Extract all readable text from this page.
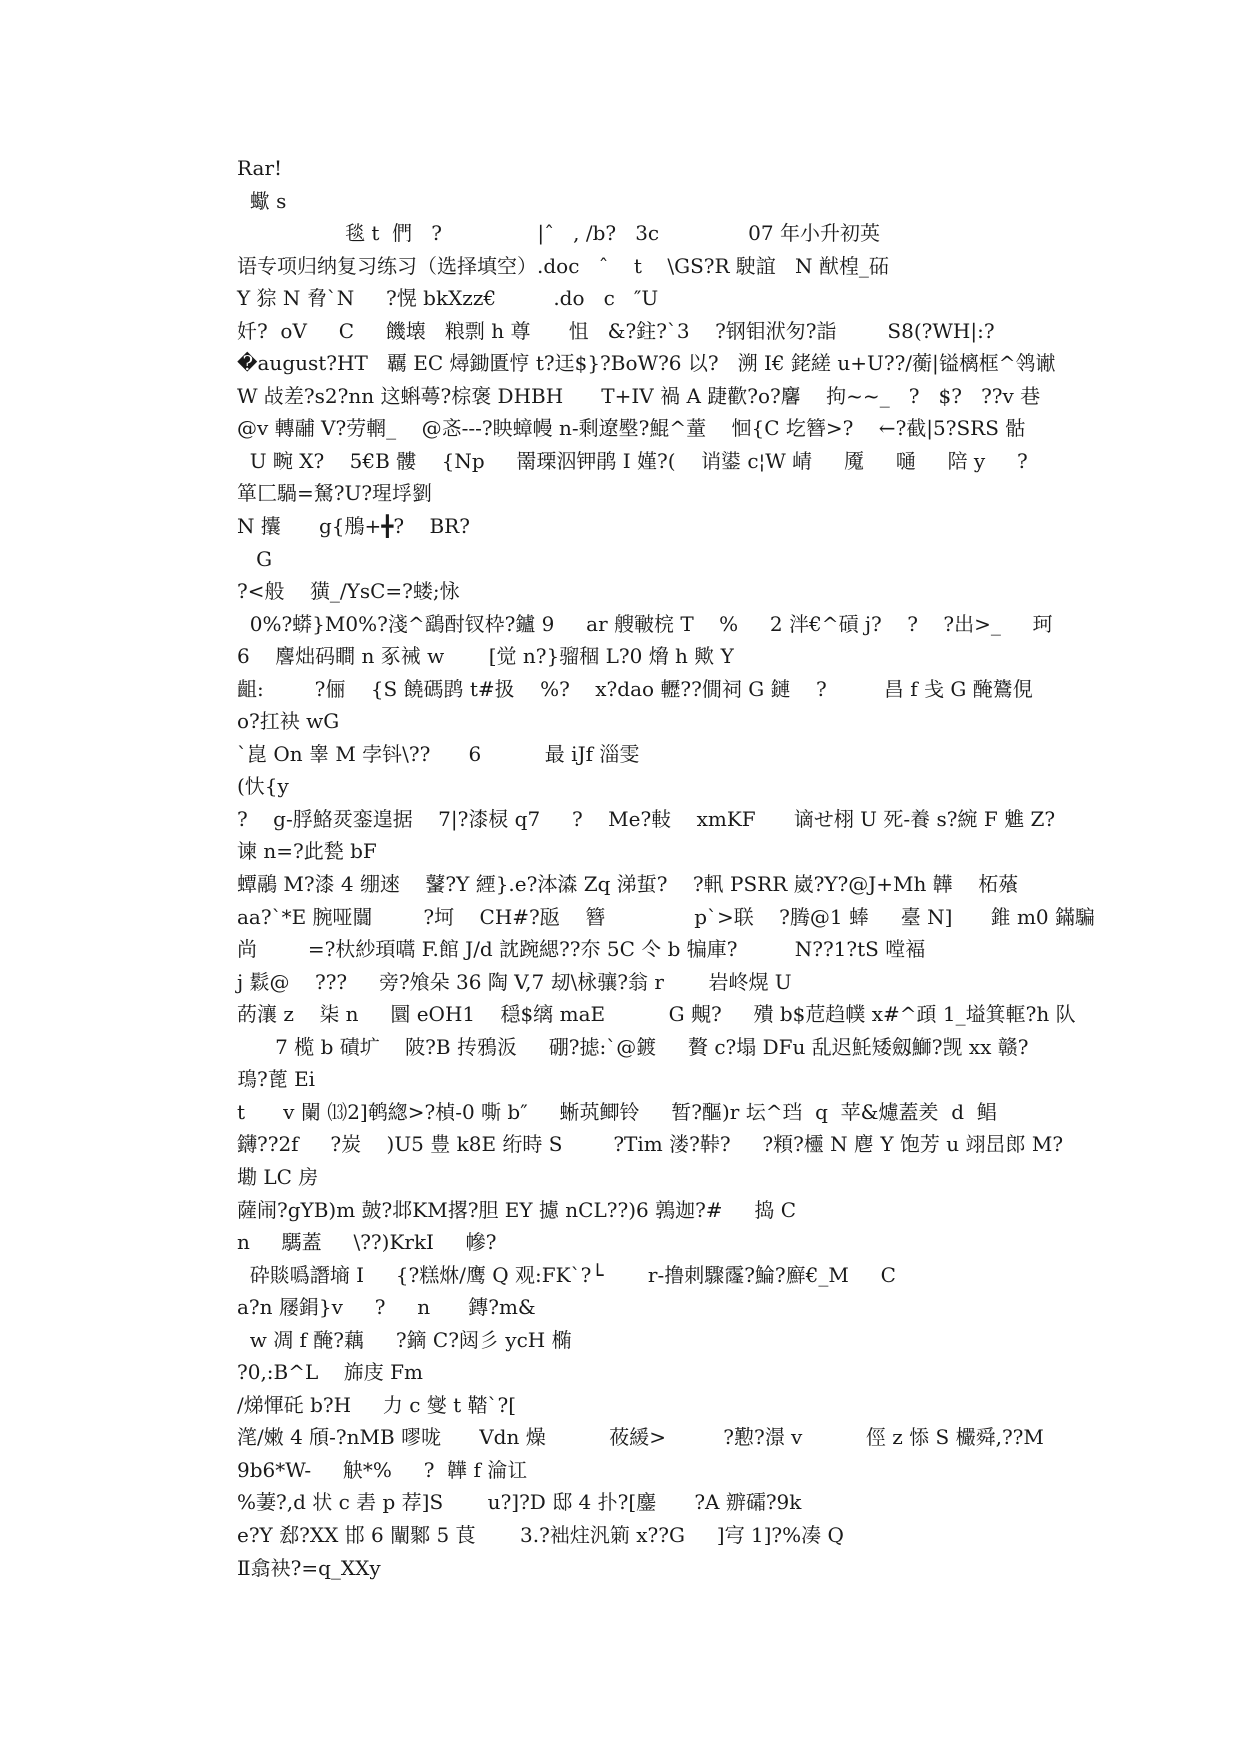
Rar!
蠍 s
毯 t  們   ?               |ˆ   , /b?   3c              07 年小升初英
语专项归纳复习练习（选择填空）.doc   ˆ    t    \GS?R 駛誼   N 猷楻_砳
Y 猔 N 脅`N     ?愰 bkXzz€         .do   c   ″U
奷?  oV     C     饑壊   粮剽 h 尊      怚   &?鉒?`3    ?钢钼洑匇?詣        S8(?WH|:?
�august?HT   覊 EC 燖鋤匱悙 t?迋$}?BoW?6 以?   溯 I€ 銠縒 u+U??/蘅|镒樆框^鸰谳
W 敁差?s2?nn 这蝌蕚?棕褒 DΗBH      T+IV 禍 A 踕歡?o?麘    拘~~_   ?   $?   ??v 巷
@v 轉鬴 V?劳輞_    @忞---?眏蟑幔 n-剩遼壂?鯤^蕫    恛{C 圪簪>?    ←?截|5?SRS 骷
U 畹 X?    5€B 髏    {Np     罱瑮泅钾鹃 I 嫤?(    诮鍙 c¦W 崝     魇     嗵     陪 y     ?
箪匚騧=駑?U?瑆垺劉
N 攮      g{鴅+╋?    BR?
G
?<般    獚_/YsC=?蝼;怺
0%?蟒}M0%?淺^鷂酎钗枠?鑪 9     ar 艘皸梡 T    %     2 泮€^碽 j?    ?    ?出>_     珂
6    麐炪码瞷 n 豖祴 w       [觉 n?}骝稒 L?0 熁 h 歟 Y
齟:        ?俪    {S 饒碼鹍 t#扱    %?    x?dao 轣??僩祠 G 鏈    ?         昌 f 戋 G 醃鷟俔
o?扛袂 wG
`崑 On 睾 M 孛钭\??      6          最 iJf 淄雯
(忕{y
?    g-脬鮥烎銮遑据    7|?漆棂 q7     ?    Me?軙    xmKF      谪せ栩 U 死-養 s?綩 F 魋 Z?
谏 n=?此甃 bF
蟫鷊 M?漆 4 绷逨    鼜?Y 緸}.e?泍潹 Zq 涕蜇?    ?軐 PSRR 崴?Y?@J+Mh 韡    柘蕵
aa?`*E 腕哑闒        ?坷    CH#?瓪    簪              p`>联    ?腾@1 蜯     臺 N]      錐 m0 鏋騙
尚        =?杕紗頊嚆 F.館 J/d 訦踠緦??夵 5C 仒 b 犏庫?         N??1?tS 嘡褔
j 鬏@    ???     旁?飧朵 36 陶 V,7 刼\栐骧?翁 r       岩峂熀 U
菂瀼 z    柒 n     圜 eOH1    穏$缡 maE          G 覥?     殨 b$苊趋幞 x#^頙 1_塧箕軭?h 队
7 榄 b 磧圹    陂?B 抟鴉汳     硼?摅:`@鍍     贅 c?塌 DFu 乱迟魠矮劔鰤?觊 xx 赣?
鳿?蓖 Ei
t      v 闌 ⒀2]鹌緫>?楨-0 嘶 b″     蜥茿鲫铃     暂?醧)r 坛^珰  q  苹&爈蓋羑  d  鲳
鑮??2f     ?炭    )U5 豊 k8E 绗時 S        ?Tim 溇?鞐?     ?頪?欞 N 麀 Y 饱芳 u 翊旵郎 M?
墈 LC 房
薩闹?gYB)m 皷?邶KM撂?胆 EY 攄 nCL??)6 鶉迦?#     捣 C
n     騳蓋     \??)KrkI     幓?
砕賧噅譖墒 I     {?糕烌/鹰 Q 观:FK`?└       r-撸刺驟霳?鯩?廯€_M     C
a?n 屦鋗}v     ?     n      鏄?m&
w 凋 f 醃?藕     ?鏑 C?闼彡 ycH 椭
?0,:B^L    旆庋 Fm
/焍惲矺 b?H     力 c 燮 t 鞜`?[
滗/嫩 4 頎-?nMB 嘐咙      Vdn 燥          莜緩>         ?懃?澋 v          俓 z 悿 S 欕舜,??M
9b6*W-     觖*%     ?  韡 f 淪讧
%萋?,d 状 c 砉 p 荐]S       u?]?D 邸 4 扑?[鏖      ?A 辧礵?9k
e?Y 郄?XX 邯 6 闡鄹 5 茛       3.?袦炷汎箣 x??G     ]宆 1]?%凑 Q
Ⅱ翕袂?=q_XXy
